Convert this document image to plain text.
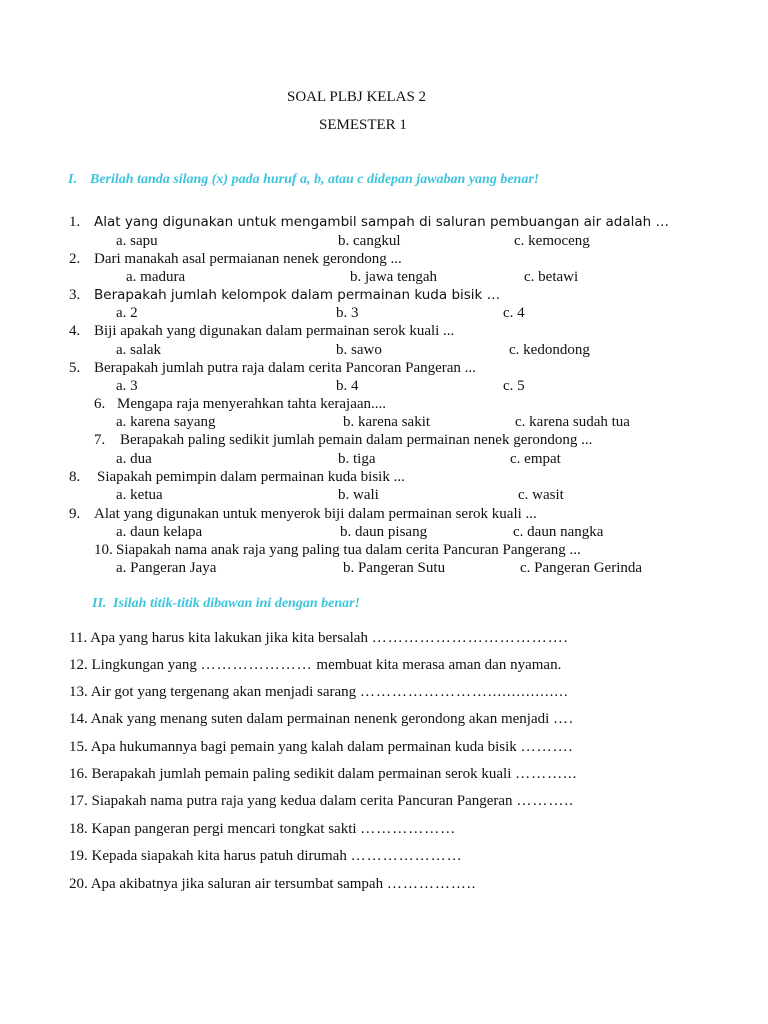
SOAL PLBJ KELAS 2
SEMESTER 1
I. Berilah tanda silang (x) pada huruf a, b, atau c didepan jawaban yang benar!
1. Alat yang digunakan untuk mengambil sampah di saluran pembuangan air adalah …
a. sapu	b. cangkul	c. kemoceng
2. Dari manakah asal permaianan nenek gerondong ...
a. madura	b. jawa tengah	c. betawi
3. Berapakah jumlah kelompok dalam permainan kuda bisik …
a. 2	b. 3	c. 4
4. Biji apakah yang digunakan dalam permainan serok kuali ...
a. salak	b. sawo	c. kedondong
5. Berapakah jumlah putra raja dalam cerita Pancoran Pangeran ...
a. 3	b. 4	c. 5
6. Mengapa raja menyerahkan tahta kerajaan....
a. karena sayang	b. karena sakit	c. karena sudah tua
7. Berapakah paling sedikit jumlah pemain dalam permainan nenek gerondong ...
a. dua	b. tiga	c. empat
8. Siapakah pemimpin dalam permainan kuda bisik ...
a. ketua	b. wali	c. wasit
9. Alat yang digunakan untuk menyerok biji dalam permainan serok kuali ...
a. daun kelapa	b. daun pisang	c. daun nangka
10. Siapakah nama anak raja yang paling tua dalam cerita Pancuran Pangerang ...
a. Pangeran Jaya	b. Pangeran Sutu	c. Pangeran Gerinda
II. Isilah titik-titik dibawan ini dengan benar!
11. Apa yang harus kita lakukan jika kita bersalah ……………………………….
12. Lingkungan yang ………………… membuat kita merasa aman dan nyaman.
13. Air got yang tergenang akan menjadi sarang …………………….................
14. Anak yang menang suten dalam permainan nenenk gerondong akan menjadi ….
15. Apa hukumannya bagi pemain yang kalah dalam permainan kuda bisik ……….
16. Berapakah jumlah pemain paling sedikit dalam permainan serok kuali ………...
17. Siapakah nama putra raja yang kedua dalam cerita Pancuran Pangeran ………..
18. Kapan pangeran pergi mencari tongkat sakti ………………
19. Kepada siapakah kita harus patuh dirumah …………………
20. Apa akibatnya jika saluran air tersumbat sampah ……………..
